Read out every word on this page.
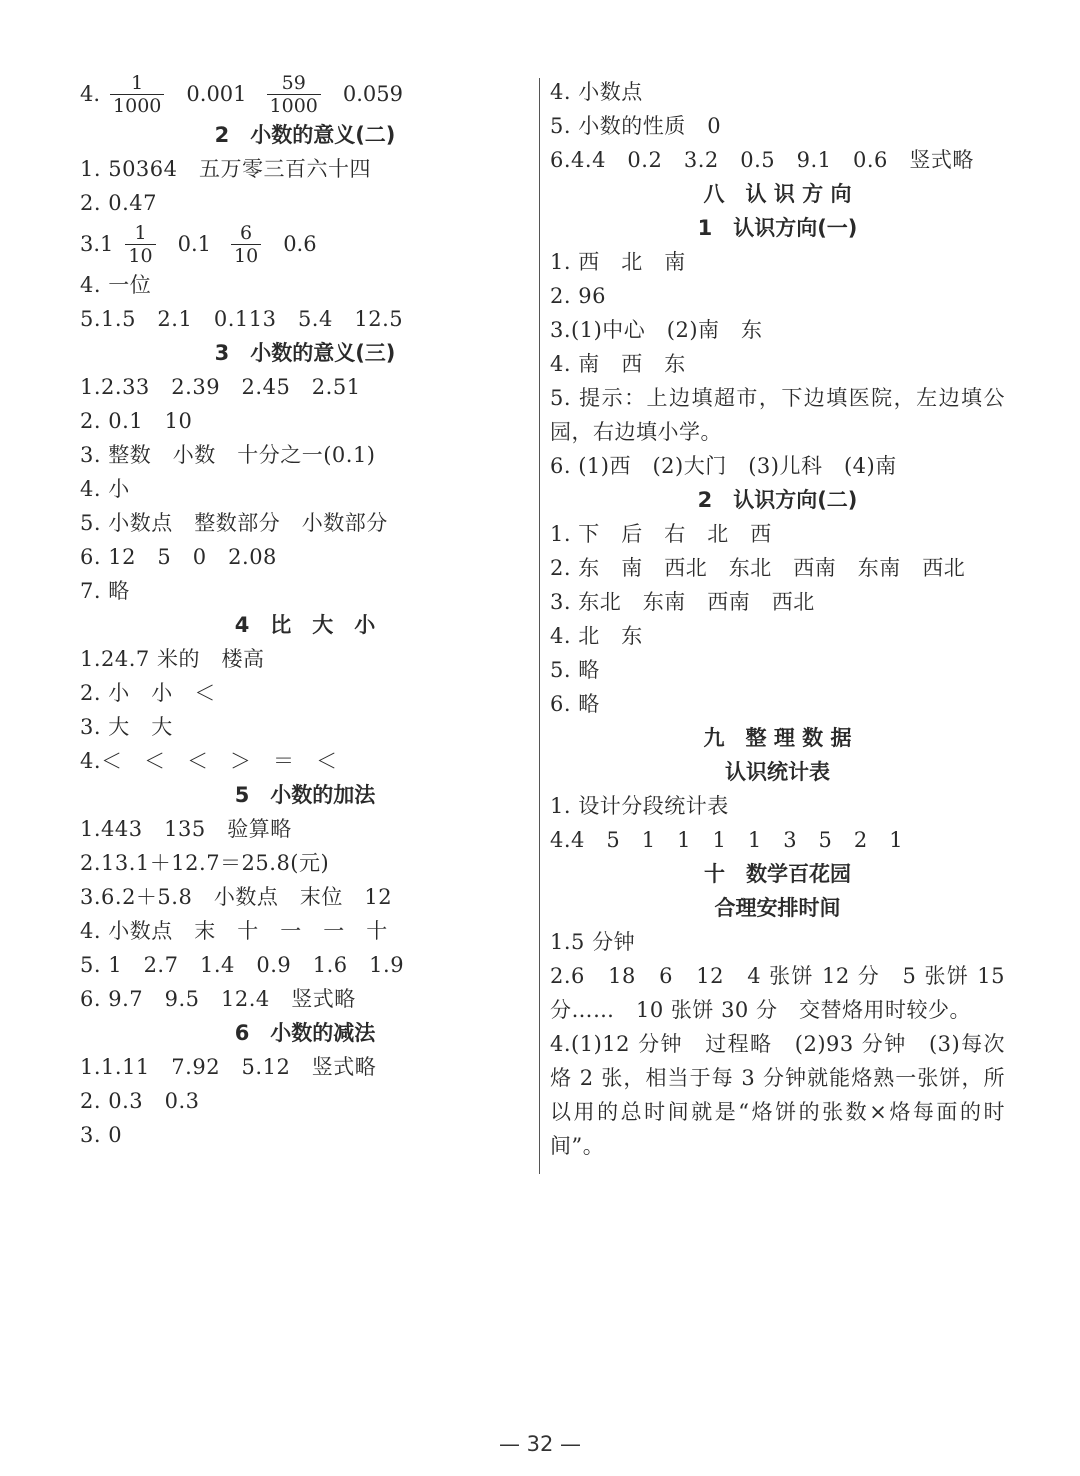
4. $\frac{1}{1000} 0.001 \frac{59}{1000} 0.059$
2　小数的意义(二)
1. 50364　五万零三百六十四
2. 0.47
$3.1 \frac{1}{10} 0.1 \frac{6}{10} 0.6$
4. 一位
5.1.5　2.1　0.113　5.4　12.5
3　小数的意义(三)
1.2.33　2.39　2.45　2.51
2. 0.1　10
3. 整数　小数　十分之一(0.1)
4. 小
5. 小数点　整数部分　小数部分
6. 12　5　0　2.08
7. 略
4　比　大　小
1.24.7 米的　楼高
2. 小　小　＜
3. 大　大
4.＜　＜　＜　＞　＝　＜
5　小数的加法
1.443　135　验算略
2.13.1＋12.7＝25.8(元)
3.6.2＋5.8　小数点　末位　12
4. 小数点　末　十　一　一　十
5. 1　2.7　1.4　0.9　1.6　1.9
6. 9.7　9.5　12.4　竖式略
6　小数的减法
1.1.11　7.92　5.12　竖式略
2. 0.3　0.3
3. 0
4. 小数点
5. 小数的性质　0
6.4.4　0.2　3.2　0.5　9.1　0.6　竖式略
八　认 识 方 向
1　认识方向(一)
1. 西　北　南
2. 96
3.(1)中心　(2)南　东
4. 南　西　东
5. 提示：上边填超市，下边填医院，左边填公园，右边填小学。
6. (1)西　(2)大门　(3)儿科　(4)南
2　认识方向(二)
1. 下　后　右　北　西
2. 东　南　西北　东北　西南　东南　西北
3. 东北　东南　西南　西北
4. 北　东
5. 略
6. 略
九　整 理 数 据
认识统计表
1. 设计分段统计表
4.4　5　1　1　1　1　3　5　2　1
十　数学百花园
合理安排时间
1.5 分钟
2.6　18　6　12　4 张饼 12 分　5 张饼 15 分……　10 张饼 30 分　交替烙用时较少。
4.(1)12 分钟　过程略　(2)93 分钟　(3)每次烙 2 张，相当于每 3 分钟就能烙熟一张饼，所以用的总时间就是“烙饼的张数×烙每面的时间”。
— 32 —
